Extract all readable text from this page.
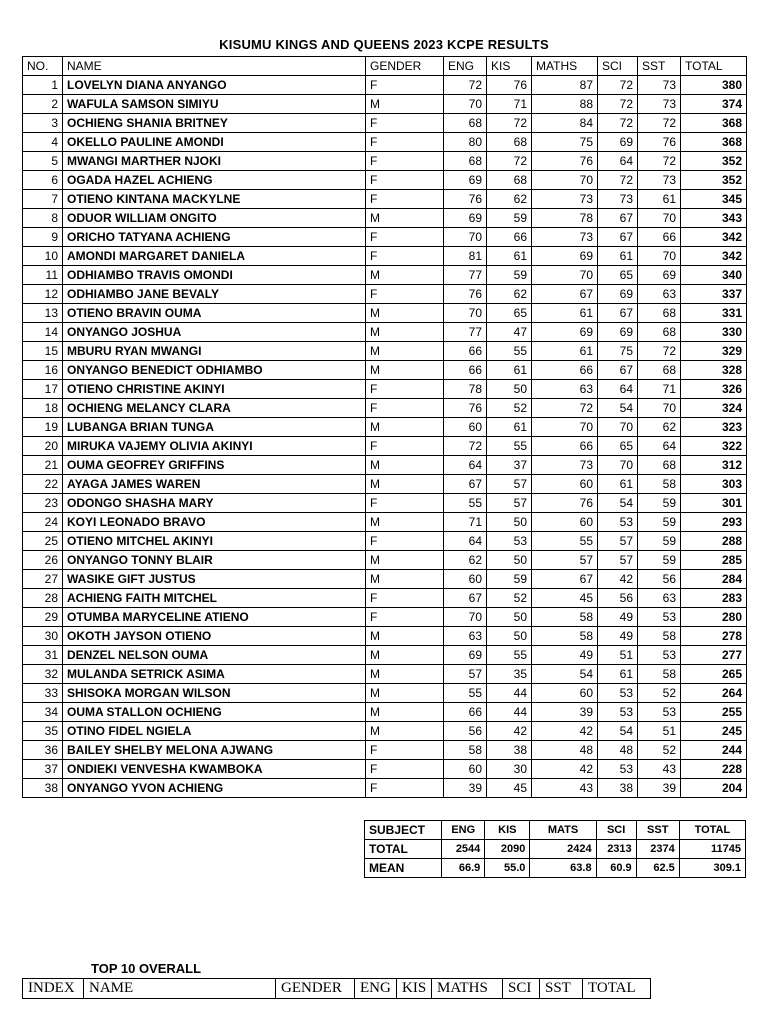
KISUMU KINGS AND QUEENS 2023 KCPE RESULTS
NO.	NAME	GENDER	ENG	KIS	MATHS	SCI	SST	TOTAL
1	LOVELYN DIANA ANYANGO	F	72	76	87	72	73	380
2	WAFULA SAMSON SIMIYU	M	70	71	88	72	73	374
3	OCHIENG SHANIA BRITNEY	F	68	72	84	72	72	368
4	OKELLO PAULINE AMONDI	F	80	68	75	69	76	368
5	MWANGI MARTHER NJOKI	F	68	72	76	64	72	352
6	OGADA HAZEL ACHIENG	F	69	68	70	72	73	352
7	OTIENO KINTANA MACKYLNE	F	76	62	73	73	61	345
8	ODUOR WILLIAM ONGITO	M	69	59	78	67	70	343
9	ORICHO TATYANA ACHIENG	F	70	66	73	67	66	342
10	AMONDI MARGARET DANIELA	F	81	61	69	61	70	342
11	ODHIAMBO TRAVIS OMONDI	M	77	59	70	65	69	340
12	ODHIAMBO JANE BEVALY	F	76	62	67	69	63	337
13	OTIENO BRAVIN OUMA	M	70	65	61	67	68	331
14	ONYANGO JOSHUA	M	77	47	69	69	68	330
15	MBURU RYAN MWANGI	M	66	55	61	75	72	329
16	ONYANGO BENEDICT ODHIAMBO	M	66	61	66	67	68	328
17	OTIENO CHRISTINE AKINYI	F	78	50	63	64	71	326
18	OCHIENG MELANCY CLARA	F	76	52	72	54	70	324
19	LUBANGA BRIAN TUNGA	M	60	61	70	70	62	323
20	MIRUKA VAJEMY OLIVIA AKINYI	F	72	55	66	65	64	322
21	OUMA GEOFREY GRIFFINS	M	64	37	73	70	68	312
22	AYAGA JAMES WAREN	M	67	57	60	61	58	303
23	ODONGO SHASHA MARY	F	55	57	76	54	59	301
24	KOYI LEONADO BRAVO	M	71	50	60	53	59	293
25	OTIENO MITCHEL AKINYI	F	64	53	55	57	59	288
26	ONYANGO TONNY BLAIR	M	62	50	57	57	59	285
27	WASIKE GIFT JUSTUS	M	60	59	67	42	56	284
28	ACHIENG FAITH MITCHEL	F	67	52	45	56	63	283
29	OTUMBA MARYCELINE ATIENO	F	70	50	58	49	53	280
30	OKOTH JAYSON OTIENO	M	63	50	58	49	58	278
31	DENZEL NELSON OUMA	M	69	55	49	51	53	277
32	MULANDA SETRICK ASIMA	M	57	35	54	61	58	265
33	SHISOKA MORGAN WILSON	M	55	44	60	53	52	264
34	OUMA STALLON OCHIENG	M	66	44	39	53	53	255
35	OTINO FIDEL NGIELA	M	56	42	42	54	51	245
36	BAILEY SHELBY MELONA AJWANG	F	58	38	48	48	52	244
37	ONDIEKI VENVESHA KWAMBOKA	F	60	30	42	53	43	228
38	ONYANGO YVON ACHIENG	F	39	45	43	38	39	204
SUBJECT	ENG	KIS	MATS	SCI	SST	TOTAL
TOTAL	2544	2090	2424	2313	2374	11745
MEAN	66.9	55.0	63.8	60.9	62.5	309.1
TOP 10 OVERALL
INDEX	NAME	GENDER	ENG	KIS	MATHS	SCI	SST	TOTAL
